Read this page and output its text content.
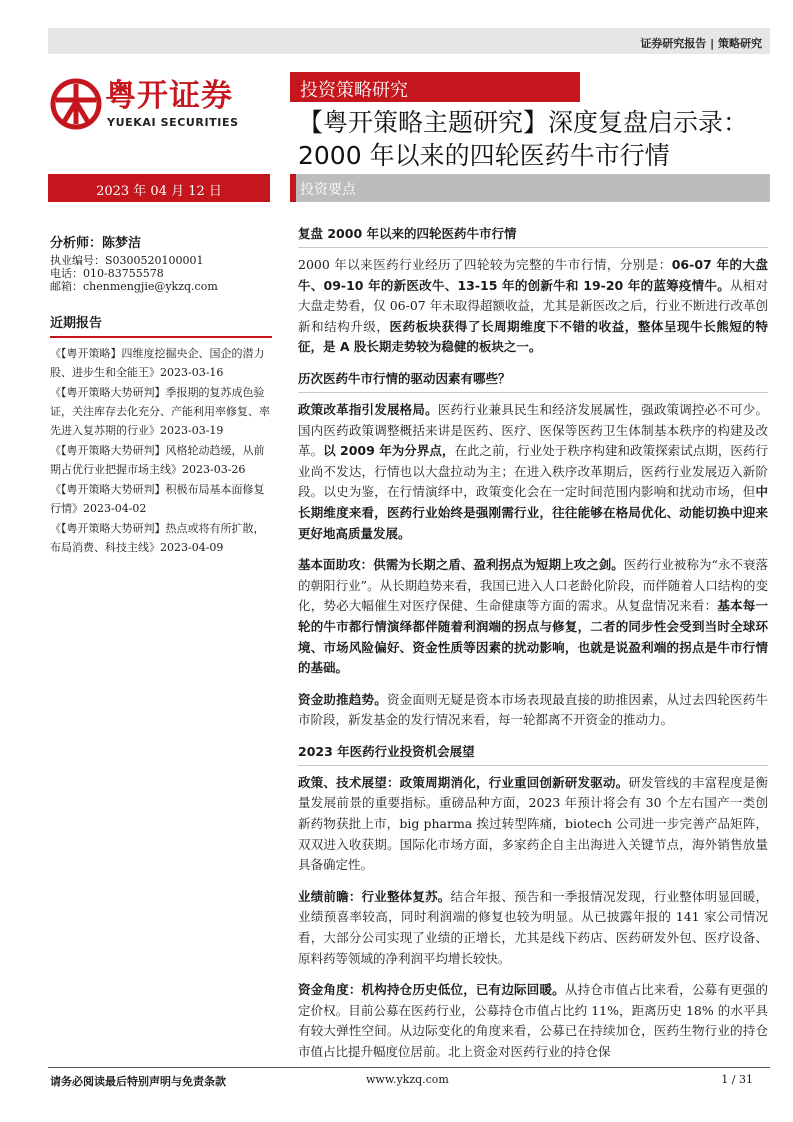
证券研究报告 | 策略研究
粤开证券
YUEKAI SECURITIES
投资策略研究
【粤开策略主题研究】深度复盘启示录：2000 年以来的四轮医药牛市行情
2023 年 04 月 12 日	投资要点
分析师：陈梦洁
执业编号：S0300520100001
电话：010-83755578
邮箱：chenmengjie@ykzq.com
近期报告
《【粤开策略】四维度挖掘央企、国企的潜力股、进步生和全能王》2023-03-16
《【粤开策略大势研判】季报期的复苏成色验证，关注库存去化充分、产能利用率修复、率先进入复苏期的行业》2023-03-19
《【粤开策略大势研判】风格轮动趋缓，从前期占优行业把握市场主线》2023-03-26
《【粤开策略大势研判】积极布局基本面修复行情》2023-04-02
《【粤开策略大势研判】热点或将有所扩散，布局消费、科技主线》2023-04-09
复盘 2000 年以来的四轮医药牛市行情
2000 年以来医药行业经历了四轮较为完整的牛市行情，分别是：06-07 年的大盘牛、09-10 年的新医改牛、13-15 年的创新牛和 19-20 年的蓝筹疫情牛。从相对大盘走势看，仅 06-07 年未取得超额收益，尤其是新医改之后，行业不断进行改革创新和结构升级，医药板块获得了长周期维度下不错的收益，整体呈现牛长熊短的特征，是 A 股长期走势较为稳健的板块之一。
历次医药牛市行情的驱动因素有哪些？
政策改革指引发展格局。医药行业兼具民生和经济发展属性，强政策调控必不可少。国内医药政策调整概括来讲是医药、医疗、医保等医药卫生体制基本秩序的构建及改革。以 2009 年为分界点，在此之前，行业处于秩序构建和政策探索试点期，医药行业尚不发达，行情也以大盘拉动为主；在进入秩序改革期后，医药行业发展迈入新阶段。以史为鉴，在行情演绎中，政策变化会在一定时间范围内影响和扰动市场，但中长期维度来看，医药行业始终是强刚需行业，往往能够在格局优化、动能切换中迎来更好地高质量发展。
基本面助攻：供需为长期之盾、盈利拐点为短期上攻之剑。医药行业被称为“永不衰落的朝阳行业”。从长期趋势来看，我国已进入人口老龄化阶段，而伴随着人口结构的变化，势必大幅催生对医疗保健、生命健康等方面的需求。从复盘情况来看：基本每一轮的牛市都行情演绎都伴随着利润端的拐点与修复，二者的同步性会受到当时全球环境、市场风险偏好、资金性质等因素的扰动影响，也就是说盈利端的拐点是牛市行情的基础。
资金助推趋势。资金面则无疑是资本市场表现最直接的助推因素，从过去四轮医药牛市阶段，新发基金的发行情况来看，每一轮都离不开资金的推动力。
2023 年医药行业投资机会展望
政策、技术展望：政策周期消化，行业重回创新研发驱动。研发管线的丰富程度是衡量发展前景的重要指标。重磅品种方面，2023 年预计将会有 30 个左右国产一类创新药物获批上市，big pharma 挨过转型阵痛，biotech 公司进一步完善产品矩阵，双双进入收获期。国际化市场方面，多家药企自主出海进入关键节点，海外销售放量具备确定性。
业绩前瞻：行业整体复苏。结合年报、预告和一季报情况发现，行业整体明显回暖，业绩预喜率较高，同时利润端的修复也较为明显。从已披露年报的 141 家公司情况看，大部分公司实现了业绩的正增长，尤其是线下药店、医药研发外包、医疗设备、原料药等领域的净利润平均增长较快。
资金角度：机构持仓历史低位，已有边际回暖。从持仓市值占比来看，公募有更强的定价权。目前公募在医药行业，公募持仓市值占比约 11%，距离历史 18% 的水平具有较大弹性空间。从边际变化的角度来看，公募已在持续加仓，医药生物行业的持仓市值占比提升幅度位居前。北上资金对医药行业的持仓保
请务必阅读最后特别声明与免责条款	www.ykzq.com	1 / 31
